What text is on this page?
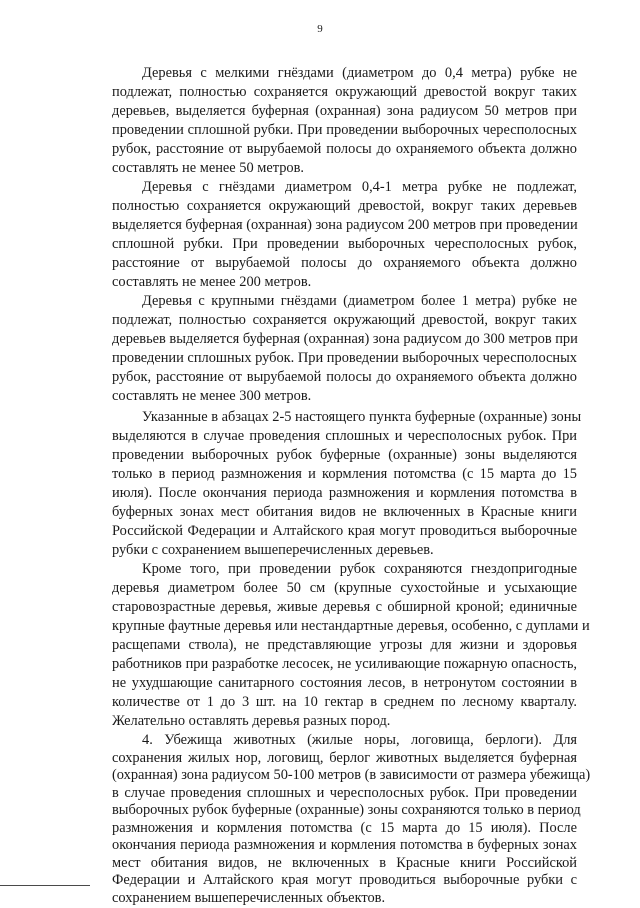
9
Деревья с мелкими гнёздами (диаметром до 0,4 метра) рубке не
подлежат, полностью сохраняется окружающий древостой вокруг таких
деревьев, выделяется буферная (охранная) зона радиусом 50 метров при
проведении сплошной рубки. При проведении выборочных чересполосных
рубок, расстояние от вырубаемой полосы до охраняемого объекта должно
составлять не менее 50 метров.
Деревья с гнёздами диаметром 0,4-1 метра рубке не подлежат,
полностью сохраняется окружающий древостой, вокруг таких деревьев
выделяется буферная (охранная) зона радиусом 200 метров при проведении
сплошной рубки. При проведении выборочных чересполосных рубок,
расстояние от вырубаемой полосы до охраняемого объекта должно
составлять не менее 200 метров.
Деревья с крупными гнёздами (диаметром более 1 метра) рубке не
подлежат, полностью сохраняется окружающий древостой, вокруг таких
деревьев выделяется буферная (охранная) зона радиусом до 300 метров при
проведении сплошных рубок. При проведении выборочных чересполосных
рубок, расстояние от вырубаемой полосы до охраняемого объекта должно
составлять не менее 300 метров.
Указанные в абзацах 2-5 настоящего пункта буферные (охранные) зоны
выделяются в случае проведения сплошных и чересполосных рубок. При
проведении выборочных рубок буферные (охранные) зоны выделяются
только в период размножения и кормления потомства (с 15 марта до 15
июля). После окончания периода размножения и кормления потомства в
буферных зонах мест обитания видов не включенных в Красные книги
Российской Федерации и Алтайского края могут проводиться выборочные
рубки с сохранением вышеперечисленных деревьев.
Кроме того, при проведении рубок сохраняются гнездопригодные
деревья диаметром более 50 см (крупные сухостойные и усыхающие
старовозрастные деревья, живые деревья с обширной кроной; единичные
крупные фаутные деревья или нестандартные деревья, особенно, с дуплами и
расщепами ствола), не представляющие угрозы для жизни и здоровья
работников при разработке лесосек, не усиливающие пожарную опасность,
не ухудшающие санитарного состояния лесов, в нетронутом состоянии в
количестве от 1 до 3 шт. на 10 гектар в среднем по лесному кварталу.
Желательно оставлять деревья разных пород.
4. Убежища животных (жилые норы, логовища, берлоги). Для
сохранения жилых нор, логовищ, берлог животных выделяется буферная
(охранная) зона радиусом 50-100 метров (в зависимости от размера убежища)
в случае проведения сплошных и чересполосных рубок. При проведении
выборочных рубок буферные (охранные) зоны сохраняются только в период
размножения и кормления потомства (с 15 марта до 15 июля). После
окончания периода размножения и кормления потомства в буферных зонах
мест обитания видов, не включенных в Красные книги Российской
Федерации и Алтайского края могут проводиться выборочные рубки с
сохранением вышеперечисленных объектов.
